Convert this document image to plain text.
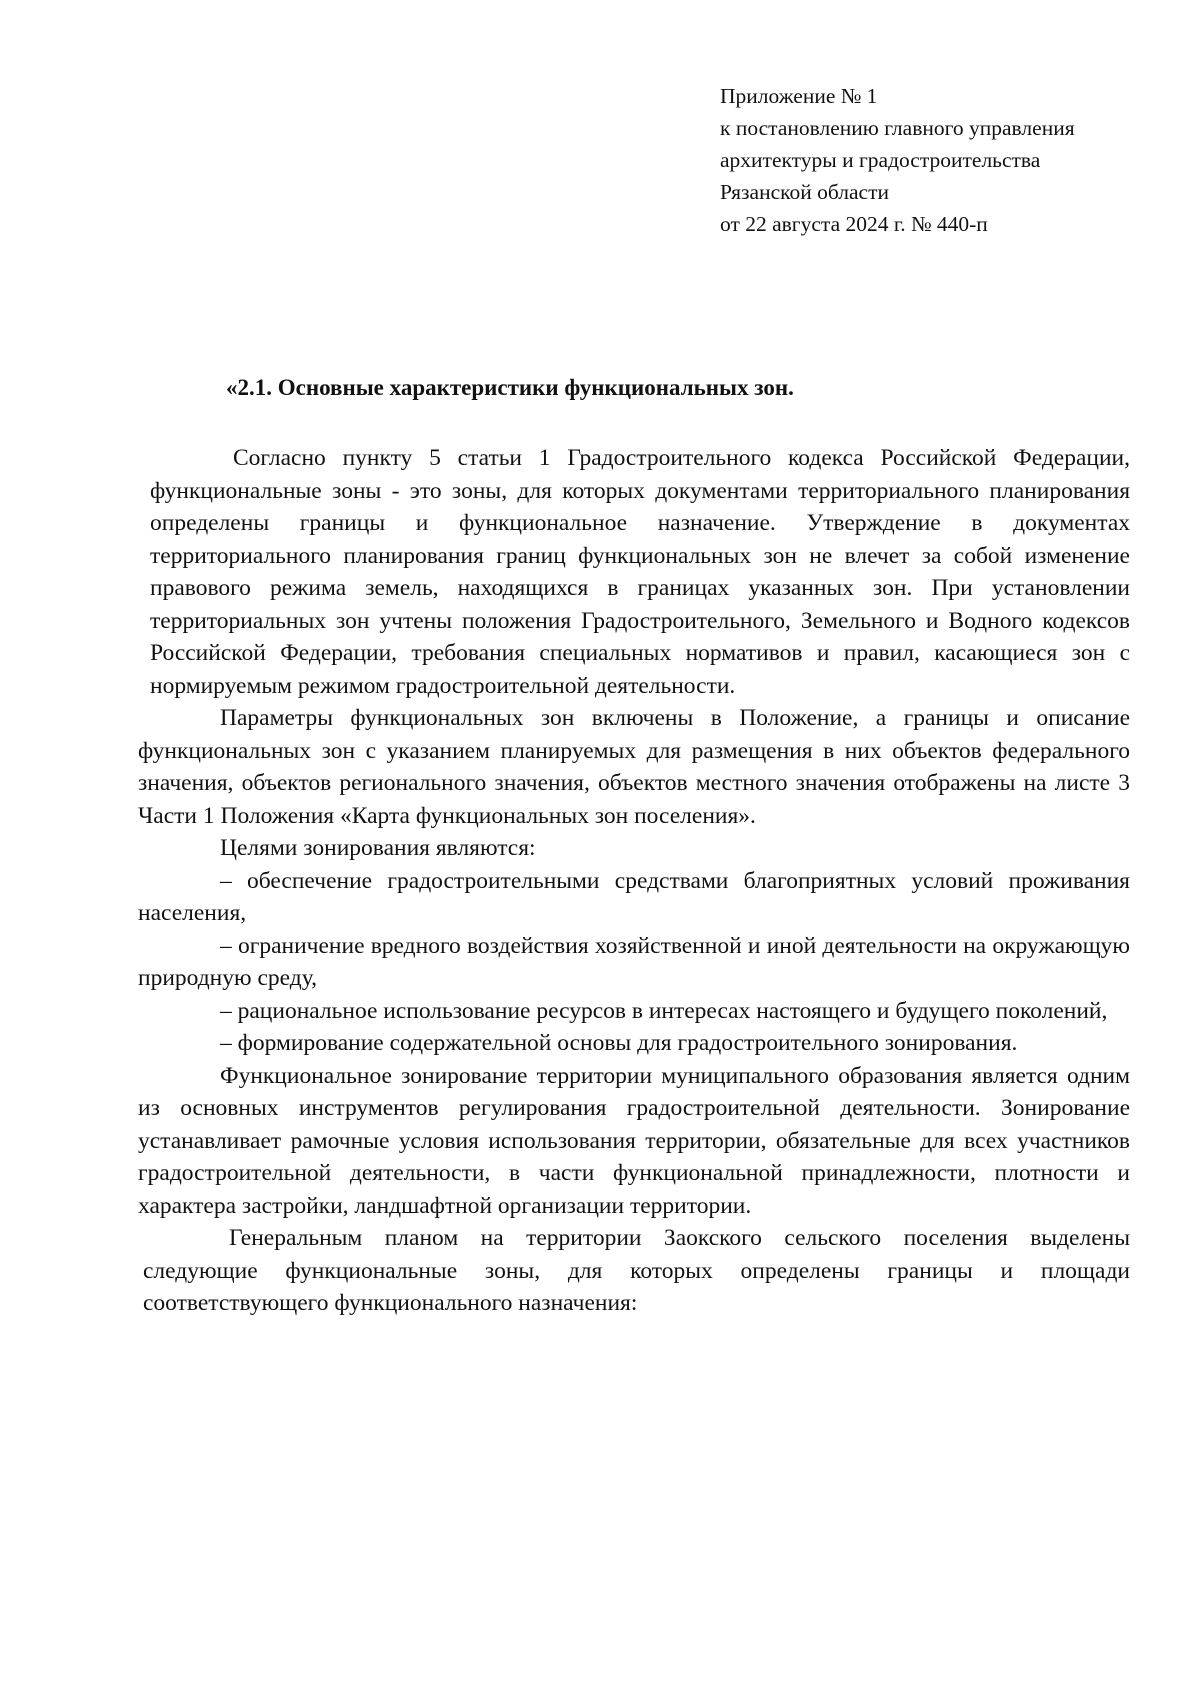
Приложение № 1
к постановлению главного управления
архитектуры и градостроительства
Рязанской области
от 22 августа 2024 г. № 440-п
«2.1. Основные характеристики функциональных зон.

Согласно пункту 5 статьи 1 Градостроительного кодекса Российской Федерации, функциональные зоны - это зоны, для которых документами территориального планирования определены границы и функциональное назначение. Утверждение в документах территориального планирования границ функциональных зон не влечет за собой изменение правового режима земель, находящихся в границах указанных зон. При установлении территориальных зон учтены положения Градостроительного, Земельного и Водного кодексов Российской Федерации, требования специальных нормативов и правил, касающиеся зон с нормируемым режимом градостроительной деятельности.

Параметры функциональных зон включены в Положение, а границы и описание функциональных зон с указанием планируемых для размещения в них объектов федерального значения, объектов регионального значения, объектов местного значения отображены на листе 3 Части 1 Положения «Карта функциональных зон поселения».

Целями зонирования являются:

– обеспечение градостроительными средствами благоприятных условий проживания населения,

– ограничение вредного воздействия хозяйственной и иной деятельности на окружающую природную среду,

– рациональное использование ресурсов в интересах настоящего и будущего поколений,

– формирование содержательной основы для градостроительного зонирования.

Функциональное зонирование территории муниципального образования является одним из основных инструментов регулирования градостроительной деятельности. Зонирование устанавливает рамочные условия использования территории, обязательные для всех участников градостроительной деятельности, в части функциональной принадлежности, плотности и характера застройки, ландшафтной организации территории.

Генеральным планом на территории Заокского сельского поселения выделены следующие функциональные зоны, для которых определены границы и площади соответствующего функционального назначения:
